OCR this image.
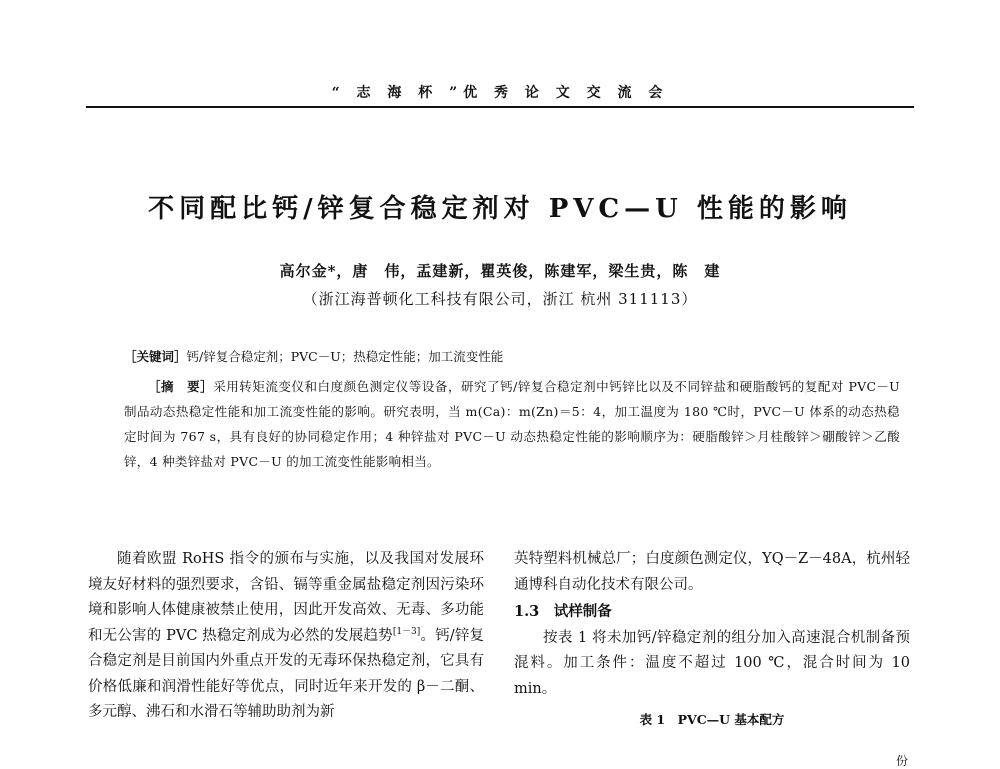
“ 志 海 杯 ”优 秀 论 文 交 流 会
不同配比钙/锌复合稳定剂对 PVC—U 性能的影响
高尔金*，唐　伟，盂建新，瞿英俊，陈建军，梁生贵，陈　建
（浙江海普顿化工科技有限公司，浙江 杭州 311113）
［关键词］钙/锌复合稳定剂；PVC－U；热稳定性能；加工流变性能
［摘　要］采用转矩流变仪和白度颜色测定仪等设备，研究了钙/锌复合稳定剂中钙锌比以及不同锌盐和硬脂酸钙的复配对 PVC－U 制品动态热稳定性能和加工流变性能的影响。研究表明，当 m(Ca)：m(Zn)＝5：4，加工温度为 180 ℃时，PVC－U 体系的动态热稳定时间为 767 s，具有良好的协同稳定作用；4 种锌盐对 PVC－U 动态热稳定性能的影响顺序为：硬脂酸锌＞月桂酸锌＞硼酸锌＞乙酸锌，4 种类锌盐对 PVC－U 的加工流变性能影响相当。

随着欧盟 RoHS 指令的颁布与实施，以及我国对发展环境友好材料的强烈要求，含铅、镉等重金属盐稳定剂因污染环境和影响人体健康被禁止使用，因此开发高效、无毒、多功能和无公害的 PVC 热稳定剂成为必然的发展趋势[1－3]。钙/锌复合稳定剂是目前国内外重点开发的无毒环保热稳定剂，它具有价格低廉和润滑性能好等优点，同时近年来开发的 β－二酮、多元醇、沸石和水滑石等辅助助剂为新

英特塑料机械总厂；白度颜色测定仪，YQ－Z－48A，杭州轻通博科自动化技术有限公司。

1.3　试样制备

按表 1 将未加钙/锌稳定剂的组分加入高速混合机制备预混料。加工条件：温度不超过 100 ℃，混合时间为 10 min。

表 1　PVC—U 基本配方
份
